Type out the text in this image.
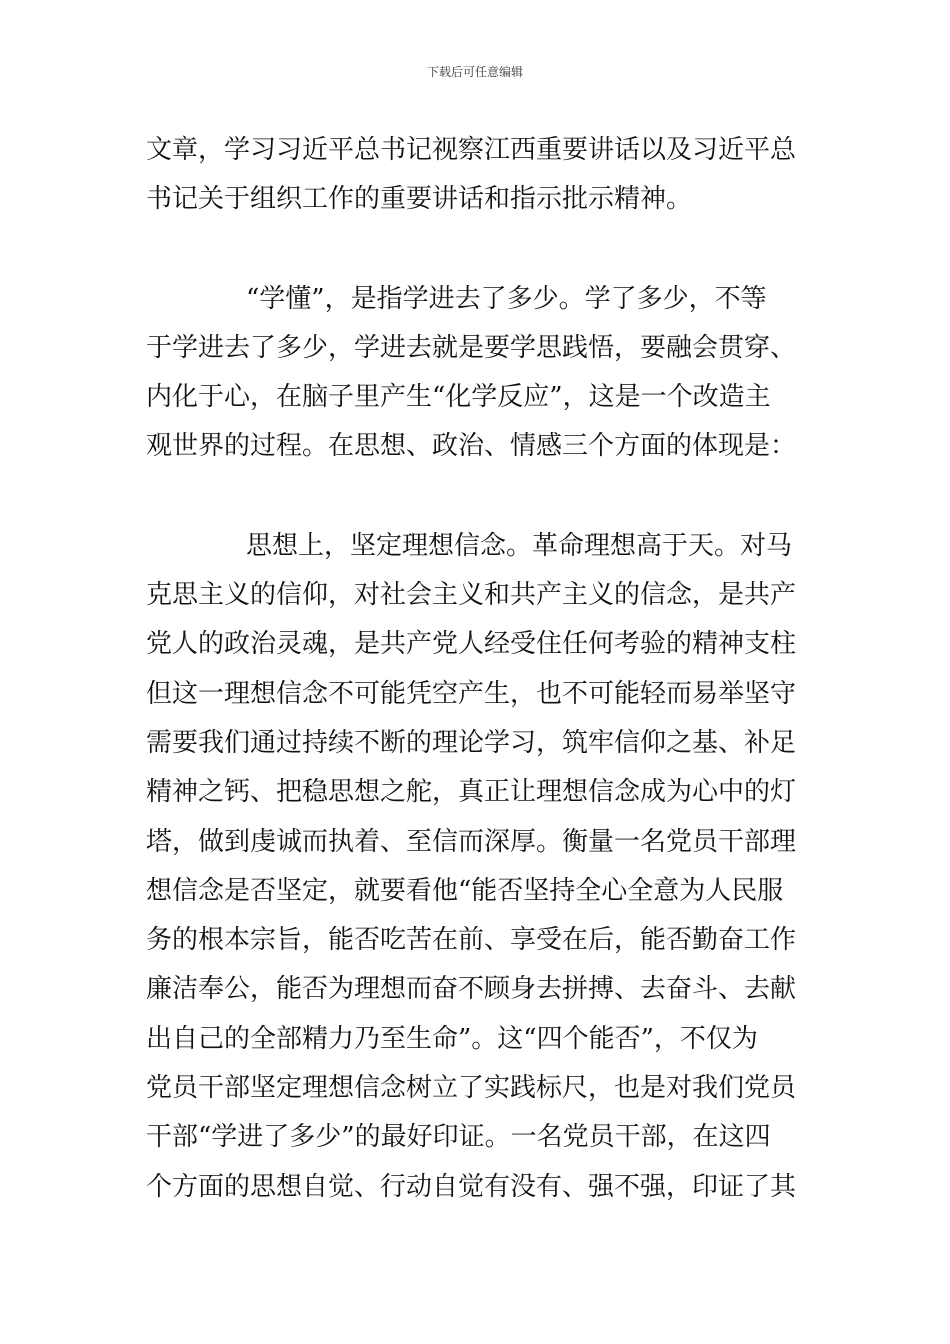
下载后可任意编辑
文章，学习习近平总书记视察江西重要讲话以及习近平总
书记关于组织工作的重要讲话和指示批示精神。
“学懂”，是指学进去了多少。学了多少，不等
于学进去了多少，学进去就是要学思践悟，要融会贯穿、
内化于心，在脑子里产生“化学反应”，这是一个改造主
观世界的过程。在思想、政治、情感三个方面的体现是：
思想上，坚定理想信念。革命理想高于天。对马
克思主义的信仰，对社会主义和共产主义的信念，是共产
党人的政治灵魂，是共产党人经受住任何考验的精神支柱
但这一理想信念不可能凭空产生，也不可能轻而易举坚守
需要我们通过持续不断的理论学习，筑牢信仰之基、补足
精神之钙、把稳思想之舵，真正让理想信念成为心中的灯
塔，做到虔诚而执着、至信而深厚。衡量一名党员干部理
想信念是否坚定，就要看他“能否坚持全心全意为人民服
务的根本宗旨，能否吃苦在前、享受在后，能否勤奋工作
廉洁奉公，能否为理想而奋不顾身去拼搏、去奋斗、去献
出自己的全部精力乃至生命”。这“四个能否”，不仅为
党员干部坚定理想信念树立了实践标尺，也是对我们党员
干部“学进了多少”的最好印证。一名党员干部，在这四
个方面的思想自觉、行动自觉有没有、强不强，印证了其
